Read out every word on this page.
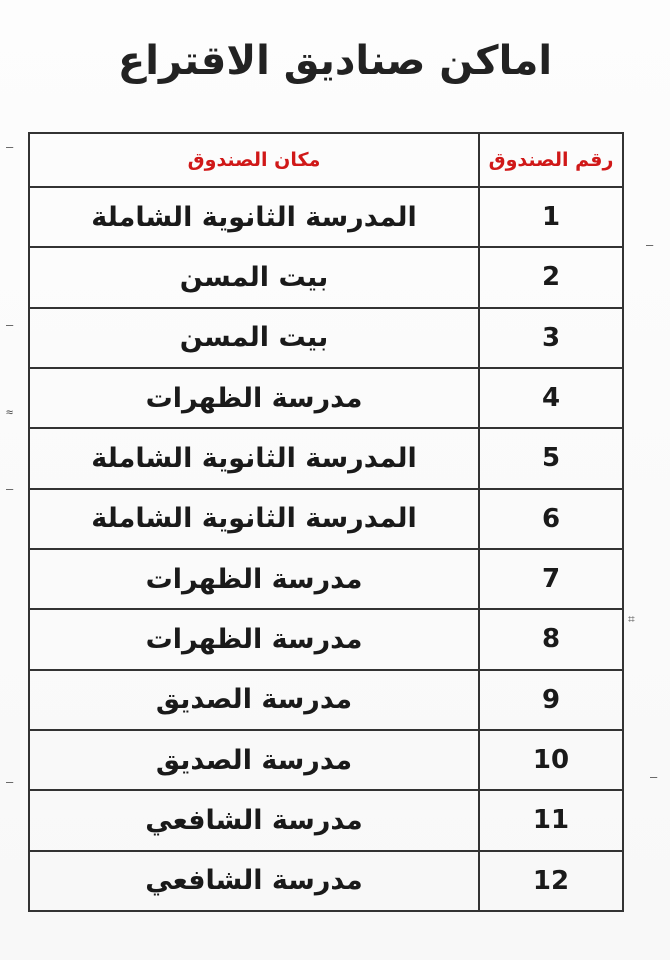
اماكن صناديق الاقتراع
رقم الصندوق
مكان الصندوق
1
المدرسة الثانوية الشاملة
2
بيت المسن
3
بيت المسن
4
مدرسة الظهرات
5
المدرسة الثانوية الشاملة
6
المدرسة الثانوية الشاملة
7
مدرسة الظهرات
8
مدرسة الظهرات
9
مدرسة الصديق
10
مدرسة الصديق
11
مدرسة الشافعي
12
مدرسة الشافعي
–
–
≈
–
–
–
⌗
–
